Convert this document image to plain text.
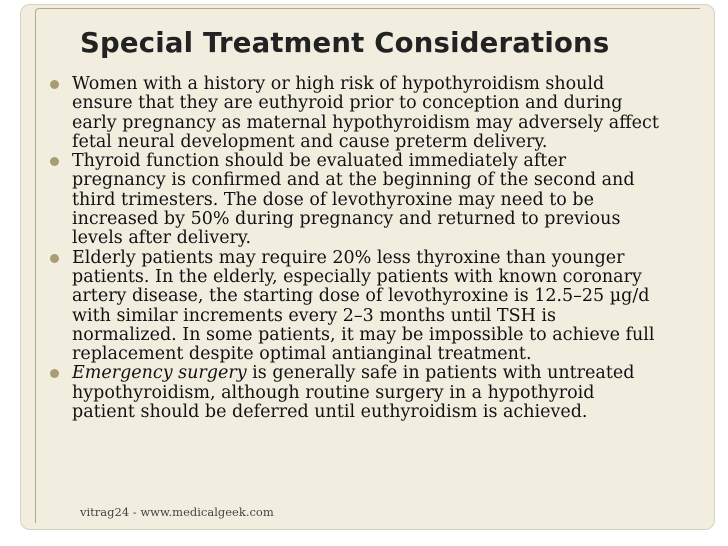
Special Treatment Considerations
Women with a history or high risk of hypothyroidism should
ensure that they are euthyroid prior to conception and during
early pregnancy as maternal hypothyroidism may adversely affect
fetal neural development and cause preterm delivery.
Thyroid function should be evaluated immediately after
pregnancy is confirmed and at the beginning of the second and
third trimesters. The dose of levothyroxine may need to be
increased by 50% during pregnancy and returned to previous
levels after delivery.
Elderly patients may require 20% less thyroxine than younger
patients. In the elderly, especially patients with known coronary
artery disease, the starting dose of levothyroxine is 12.5–25 µg/d
with similar increments every 2–3 months until TSH is
normalized. In some patients, it may be impossible to achieve full
replacement despite optimal antianginal treatment.
Emergency surgery is generally safe in patients with untreated
hypothyroidism, although routine surgery in a hypothyroid
patient should be deferred until euthyroidism is achieved.
vitrag24 - www.medicalgeek.com
